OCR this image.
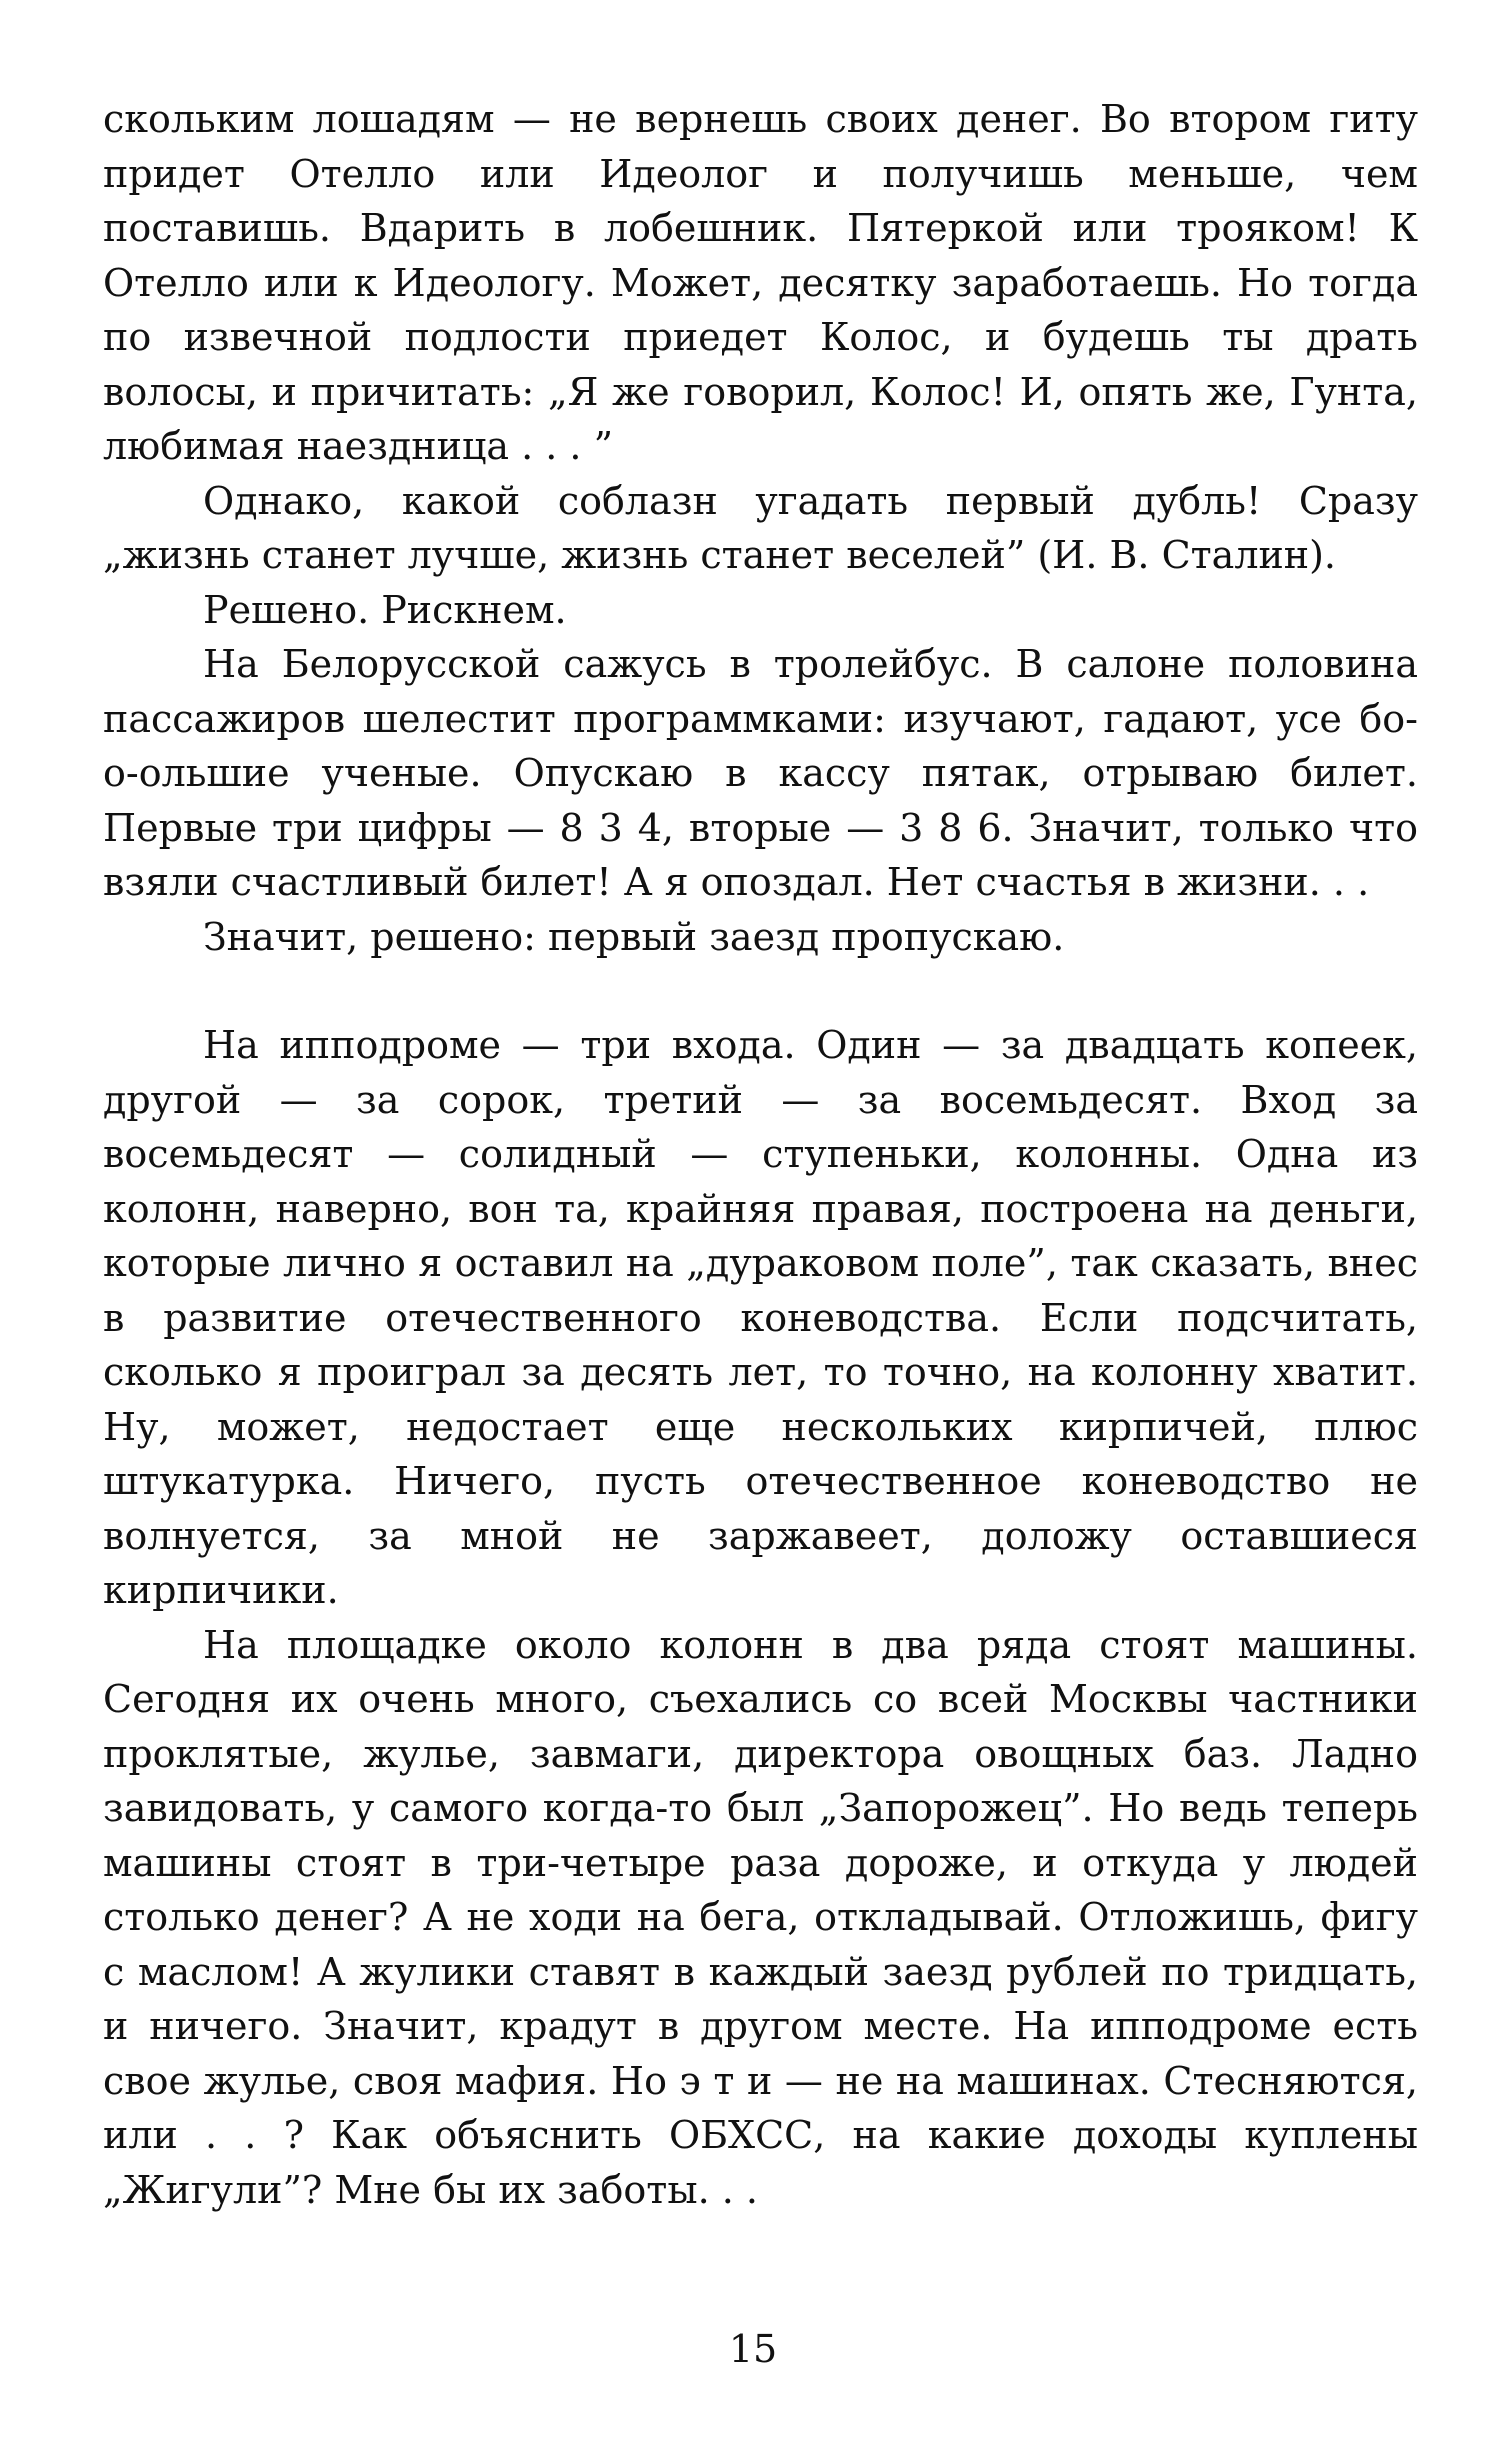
скольким лошадям — не вернешь своих денег. Во втором гиту придет Отелло или Идеолог и получишь меньше, чем поставишь. Вдарить в лобешник. Пятеркой или трояком! К Отелло или к Идеологу. Может, десятку заработаешь. Но тогда по извечной подлости приедет Колос, и будешь ты драть волосы, и причитать: „Я же говорил, Колос! И, опять же, Гунта, любимая наездница . . . ”

Однако, какой соблазн угадать первый дубль! Сразу „жизнь станет лучше, жизнь станет веселей” (И. В. Сталин).

Решено. Рискнем.

На Белорусской сажусь в тролейбус. В салоне половина пассажиров шелестит программками: изучают, гадают, усе бо-о-ольшие ученые. Опускаю в кассу пятак, отрываю билет. Первые три цифры — 8 3 4, вторые — 3 8 6. Значит, только что взяли счастливый билет! А я опоздал. Нет счастья в жизни. . .

Значит, решено: первый заезд пропускаю.

На ипподроме — три входа. Один — за двадцать копеек, другой — за сорок, третий — за восемьдесят. Вход за восемьдесят — солидный — ступеньки, колонны. Одна из колонн, наверно, вон та, крайняя правая, построена на деньги, которые лично я оставил на „дураковом поле”, так сказать, внес в развитие отечественного коневодства. Если подсчитать, сколько я проиграл за десять лет, то точно, на колонну хватит. Ну, может, недостает еще нескольких кирпичей, плюс штукатурка. Ничего, пусть отечественное коневодство не волнуется, за мной не заржавеет, доложу оставшиеся кирпичики.

На площадке около колонн в два ряда стоят машины. Сегодня их очень много, съехались со всей Москвы частники проклятые, жулье, завмаги, директора овощных баз. Ладно завидовать, у самого когда-то был „Запорожец”. Но ведь теперь машины стоят в три-четыре раза дороже, и откуда у людей столько денег? А не ходи на бега, откладывай. Отложишь, фигу с маслом! А жулики ставят в каждый заезд рублей по тридцать, и ничего. Значит, крадут в другом месте. На ипподроме есть свое жулье, своя мафия. Но э т и — не на машинах. Стесняются, или . . ? Как объяснить ОБХСС, на какие доходы куплены „Жигули”? Мне бы их заботы. . .

15
